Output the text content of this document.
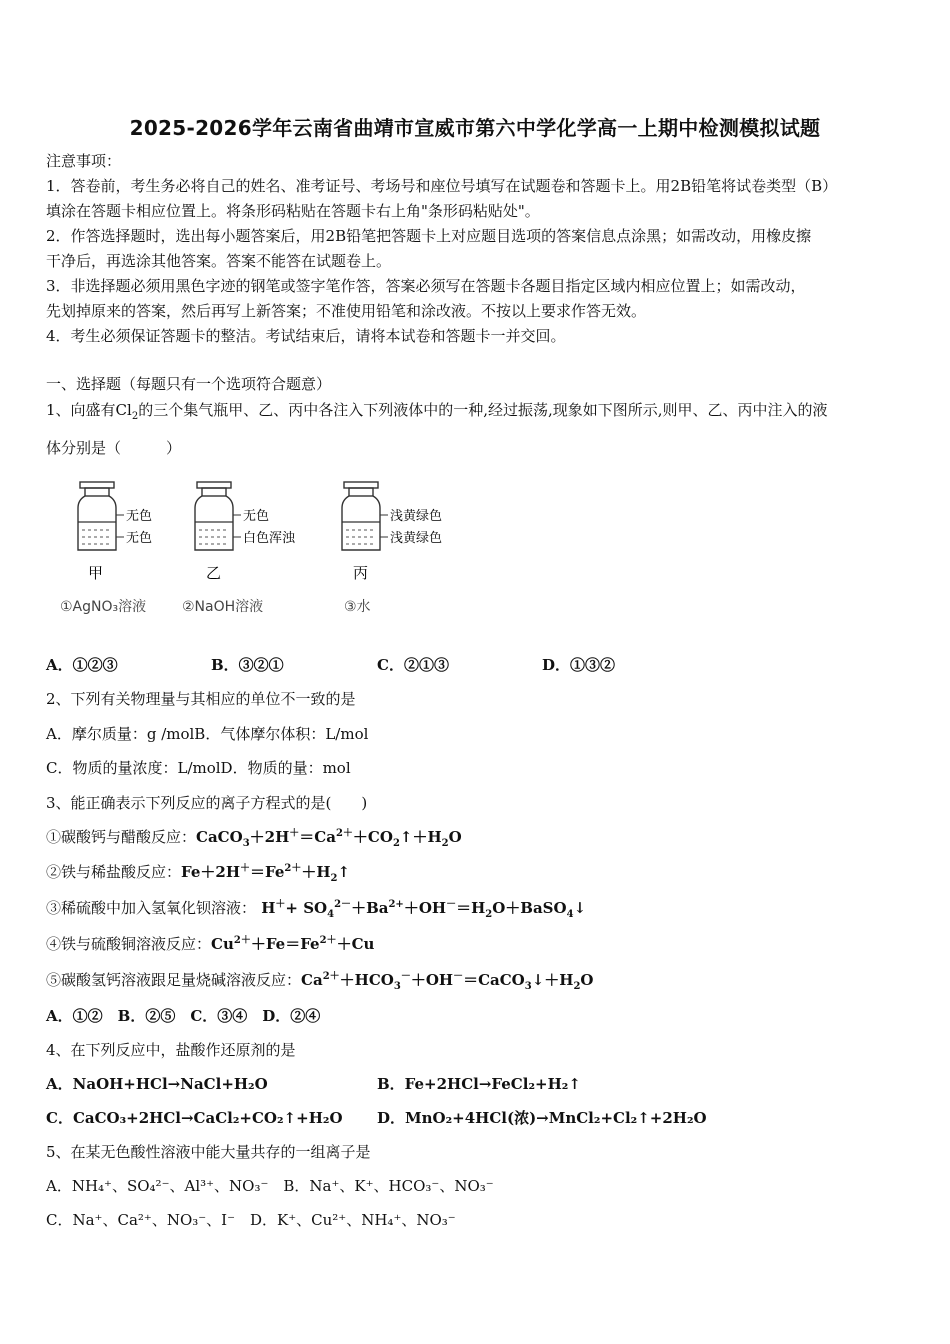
2025-2026学年云南省曲靖市宣威市第六中学化学高一上期中检测模拟试题
注意事项：
1．答卷前，考生务必将自己的姓名、准考证号、考场号和座位号填写在试题卷和答题卡上。用2B铅笔将试卷类型（B）
填涂在答题卡相应位置上。将条形码粘贴在答题卡右上角"条形码粘贴处"。
2．作答选择题时，选出每小题答案后，用2B铅笔把答题卡上对应题目选项的答案信息点涂黑；如需改动，用橡皮擦
干净后，再选涂其他答案。答案不能答在试题卷上。
3．非选择题必须用黑色字迹的钢笔或签字笔作答，答案必须写在答题卡各题目指定区域内相应位置上；如需改动，
先划掉原来的答案，然后再写上新答案；不准使用铅笔和涂改液。不按以上要求作答无效。
4．考生必须保证答题卡的整洁。考试结束后，请将本试卷和答题卡一并交回。
一、选择题（每题只有一个选项符合题意）
1、向盛有$Cl_2$的三个集气瓶甲、乙、丙中各注入下列液体中的一种,经过振荡,现象如下图所示,则甲、乙、丙中注入的液
体分别是（　　　）
无色
无色
甲
①AgNO₃溶液
无色
白色浑浊
乙
②NaOH溶液
浅黄绿色
浅黄绿色
丙
③水
A．①②③	B．③②①	C．②①③	D．①③②
2、下列有关物理量与其相应的单位不一致的是
A．摩尔质量：g /molB．气体摩尔体积：L/mol
C．物质的量浓度：L/molD．物质的量：mol
3、能正确表示下列反应的离子方程式的是(　　)
①碳酸钙与醋酸反应：$CaCO_3+2H^+=Ca^{2+}+CO_2↑+H_2O$
②铁与稀盐酸反应：$Fe+2H^+=Fe^{2+}+H_2↑$
③稀硫酸中加入氢氧化钡溶液： $H^++ SO_4^{2-}+Ba^{2+}+OH^-=H_2O+BaSO_4↓$
④铁与硫酸铜溶液反应：$Cu^{2+}+Fe=Fe^{2+}+Cu$
⑤碳酸氢钙溶液跟足量烧碱溶液反应：$Ca^{2+}+HCO_3^-+OH^-=CaCO_3↓+H_2O$
A．①②　B．②⑤　C．③④　D．②④
4、在下列反应中，盐酸作还原剂的是
A．NaOH+HCl→NaCl+H₂O	B．Fe+2HCl→FeCl₂+H₂↑
C．CaCO₃+2HCl→CaCl₂+CO₂↑+H₂O D．MnO₂+4HCl(浓)→MnCl₂+Cl₂↑+2H₂O
5、在某无色酸性溶液中能大量共存的一组离子是
A．NH₄⁺、SO₄²⁻、Al³⁺、NO₃⁻　B．Na⁺、K⁺、HCO₃⁻、NO₃⁻
C．Na⁺、Ca²⁺、NO₃⁻、I⁻　D．K⁺、Cu²⁺、NH₄⁺、NO₃⁻
